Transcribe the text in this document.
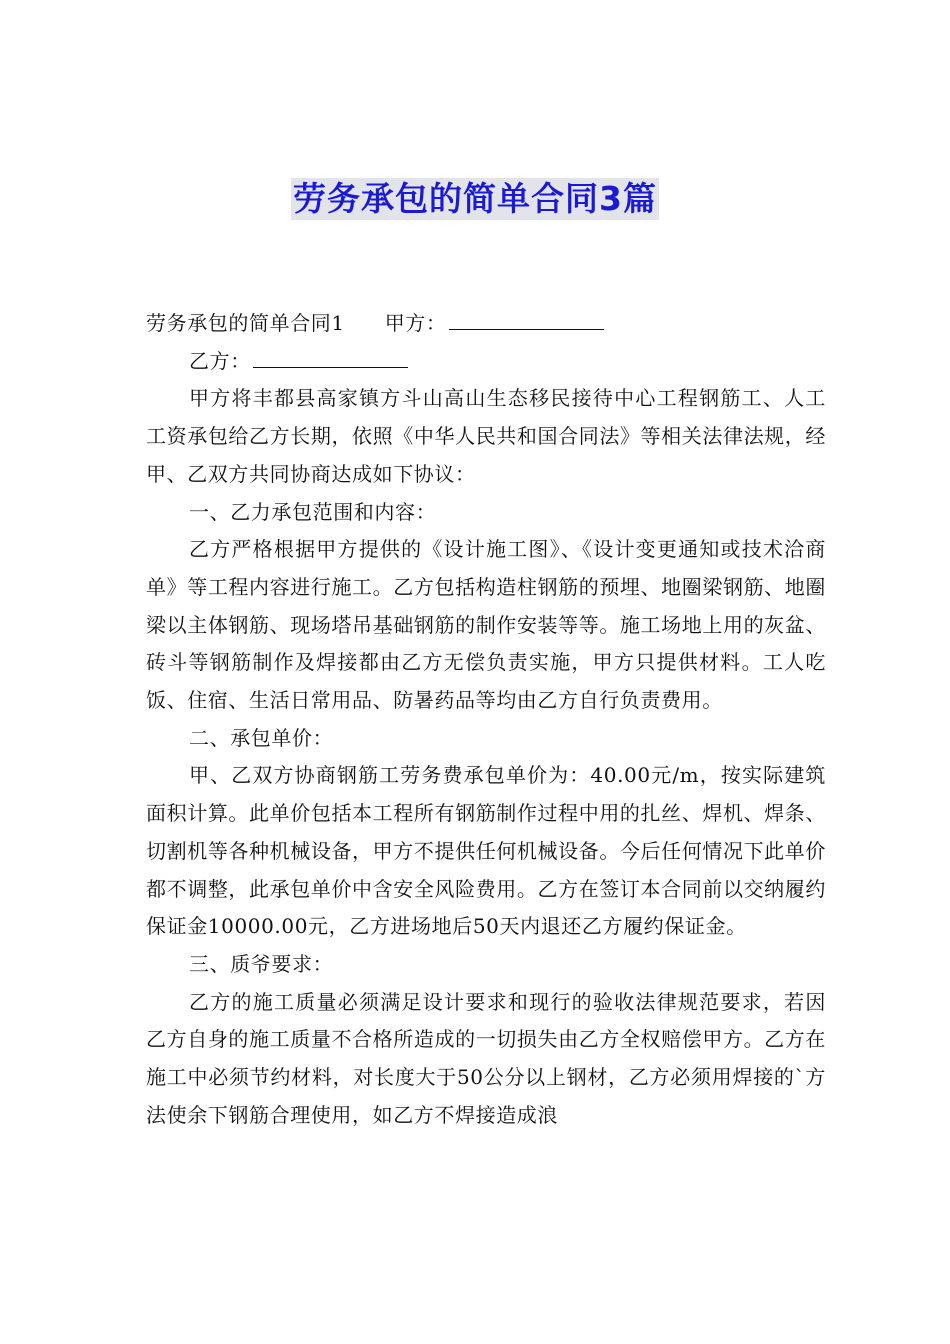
劳务承包的简单合同3篇

劳务承包的简单合同1 甲方：

乙方：

甲方将丰都县高家镇方斗山高山生态移民接待中心工程钢筋工、人工工资承包给乙方长期，依照《中华人民共和国合同法》等相关法律法规，经甲、乙双方共同协商达成如下协议：

一、乙力承包范围和内容：

乙方严格根据甲方提供的《设计施工图》、《设计变更通知或技术洽商单》等工程内容进行施工。乙方包括构造柱钢筋的预埋、地圈梁钢筋、地圈梁以主体钢筋、现场塔吊基础钢筋的制作安装等等。施工场地上用的灰盆、砖斗等钢筋制作及焊接都由乙方无偿负责实施，甲方只提供材料。工人吃饭、住宿、生活日常用品、防暑药品等均由乙方自行负责费用。

二、承包单价：

甲、乙双方协商钢筋工劳务费承包单价为：40.00元/m，按实际建筑面积计算。此单价包括本工程所有钢筋制作过程中用的扎丝、焊机、焊条、切割机等各种机械设备，甲方不提供任何机械设备。今后任何情况下此单价都不调整，此承包单价中含安全风险费用。乙方在签订本合同前以交纳履约保证金10000.00元，乙方进场地后50天内退还乙方履约保证金。

三、质爷要求：

乙方的施工质量必须满足设计要求和现行的验收法律规范要求，若因乙方自身的施工质量不合格所造成的一切损失由乙方全权赔偿甲方。乙方在施工中必须节约材料，对长度大于50公分以上钢材，乙方必须用焊接的`方法使余下钢筋合理使用，如乙方不焊接造成浪
